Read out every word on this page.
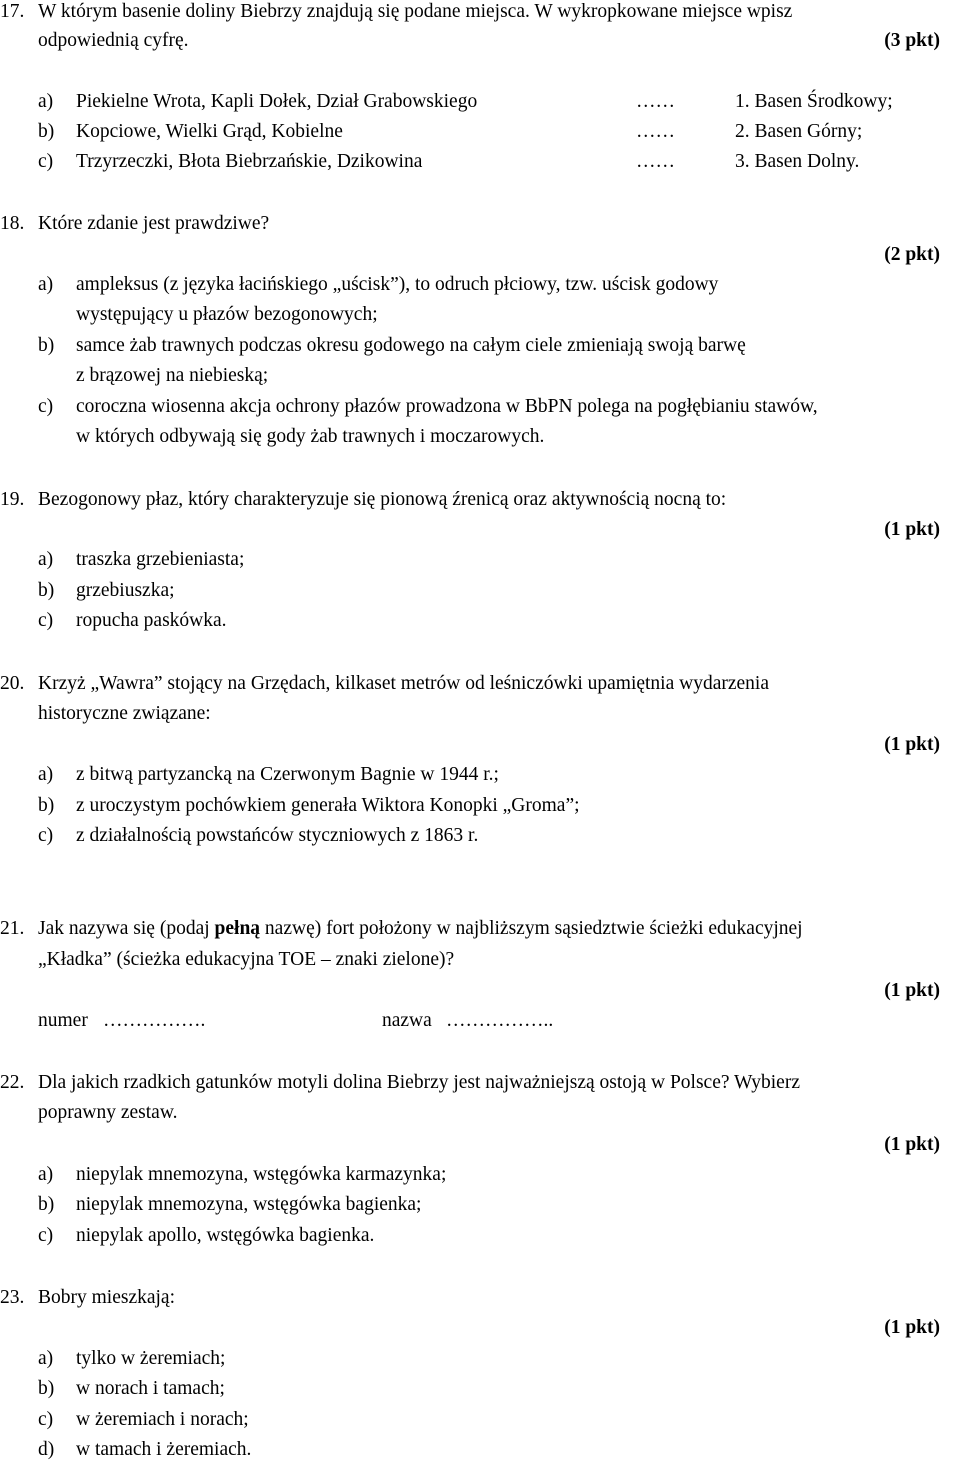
17. W którym basenie doliny Biebrzy znajdują się podane miejsca. W wykropkowane miejsce wpisz
odpowiednią cyfrę.	(3 pkt)
a) Piekielne Wrota, Kapli Dołek, Dział Grabowskiego	……	1. Basen Środkowy;
b) Kopciowe, Wielki Grąd, Kobielne	……	2. Basen Górny;
c) Trzyrzeczki, Błota Biebrzańskie, Dzikowina	……	3. Basen Dolny.
18. Które zdanie jest prawdziwe?
(2 pkt)
a) ampleksus (z języka łacińskiego „uścisk”), to odruch płciowy, tzw. uścisk godowy
występujący u płazów bezogonowych;
b) samce żab trawnych podczas okresu godowego na całym ciele zmieniają swoją barwę
z brązowej na niebieską;
c) coroczna wiosenna akcja ochrony płazów prowadzona w BbPN polega na pogłębianiu stawów,
w których odbywają się gody żab trawnych i moczarowych.
19. Bezogonowy płaz, który charakteryzuje się pionową źrenicą oraz aktywnością nocną to:
(1 pkt)
a) traszka grzebieniasta;
b) grzebiuszka;
c) ropucha paskówka.
20. Krzyż „Wawra” stojący na Grzędach, kilkaset metrów od leśniczówki upamiętnia wydarzenia
historyczne związane:
(1 pkt)
a) z bitwą partyzancką na Czerwonym Bagnie w 1944 r.;
b) z uroczystym pochówkiem generała Wiktora Konopki „Groma”;
c) z działalnością powstańców styczniowych z 1863 r.
21. Jak nazywa się (podaj pełną nazwę) fort położony w najbliższym sąsiedztwie ścieżki edukacyjnej
„Kładka” (ścieżka edukacyjna TOE – znaki zielone)?
(1 pkt)
numer …………….	nazwa ……………..
22. Dla jakich rzadkich gatunków motyli dolina Biebrzy jest najważniejszą ostoją w Polsce? Wybierz
poprawny zestaw.
(1 pkt)
a) niepylak mnemozyna, wstęgówka karmazynka;
b) niepylak mnemozyna, wstęgówka bagienka;
c) niepylak apollo, wstęgówka bagienka.
23. Bobry mieszkają:
(1 pkt)
a) tylko w żeremiach;
b) w norach i tamach;
c) w żeremiach i norach;
d) w tamach i żeremiach.
